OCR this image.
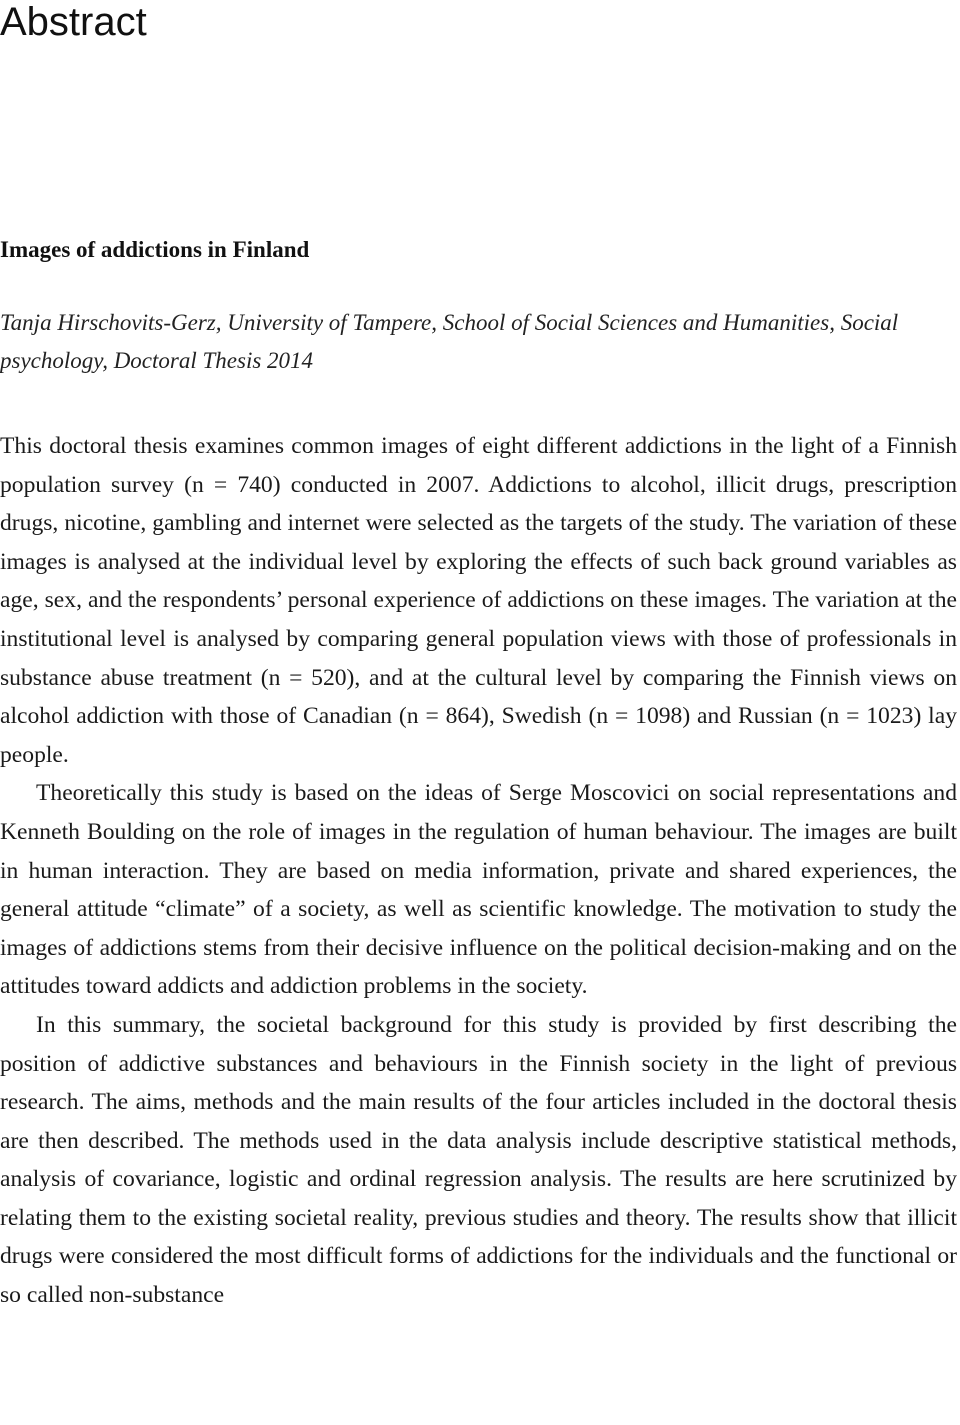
Abstract
Images of addictions in Finland

Tanja Hirschovits-Gerz, University of Tampere, School of Social Sciences and Humanities, Social psychology, Doctoral Thesis 2014

This doctoral thesis examines common images of eight different addictions in the light of a Finnish population survey (n = 740) conducted in 2007. Addictions to alcohol, illicit drugs, prescription drugs, nicotine, gambling and internet were selected as the targets of the study. The variation of these images is analysed at the individual level by exploring the effects of such back ground variables as age, sex, and the respondents’ personal experience of addictions on these images. The variation at the institutional level is analysed by comparing general population views with those of professionals in substance abuse treatment (n = 520), and at the cultural level by comparing the Finnish views on alcohol addiction with those of Canadian (n = 864), Swedish (n = 1098) and Russian (n = 1023) lay people.

Theoretically this study is based on the ideas of Serge Moscovici on social representations and Kenneth Boulding on the role of images in the regulation of human behaviour. The images are built in human interaction. They are based on media information, private and shared experiences, the general attitude “climate” of a society, as well as scientific knowledge. The motivation to study the images of addictions stems from their decisive influence on the political decision-making and on the attitudes toward addicts and addiction problems in the society.

In this summary, the societal background for this study is provided by first describing the position of addictive substances and behaviours in the Finnish society in the light of previous research. The aims, methods and the main results of the four articles included in the doctoral thesis are then described. The methods used in the data analysis include descriptive statistical methods, analysis of covariance, logistic and ordinal regression analysis. The results are here scrutinized by relating them to the existing societal reality, previous studies and theory. The results show that illicit drugs were considered the most difficult forms of addictions for the individuals and the functional or so called non-substance
